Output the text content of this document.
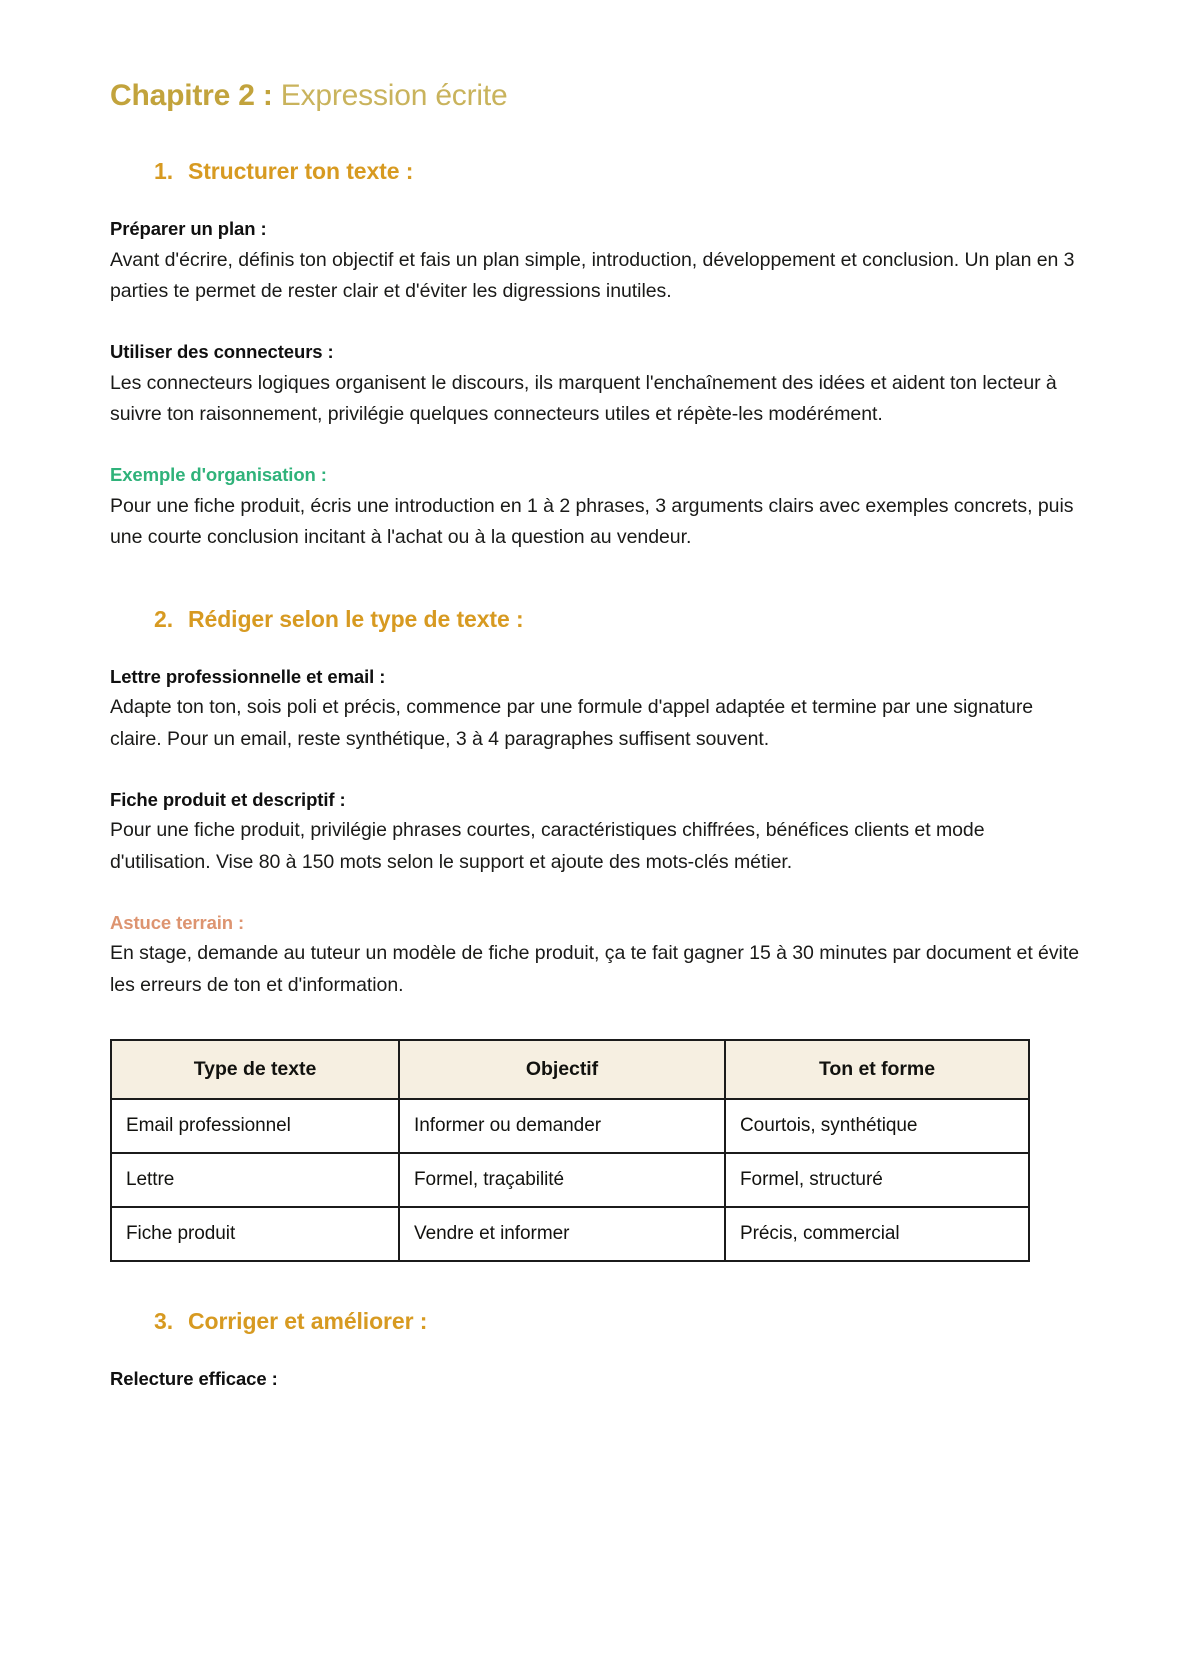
Chapitre 2 : Expression écrite
1. Structurer ton texte :
Préparer un plan :

Avant d'écrire, définis ton objectif et fais un plan simple, introduction, développement et conclusion. Un plan en 3 parties te permet de rester clair et d'éviter les digressions inutiles.

Utiliser des connecteurs :

Les connecteurs logiques organisent le discours, ils marquent l'enchaînement des idées et aident ton lecteur à suivre ton raisonnement, privilégie quelques connecteurs utiles et répète-les modérément.

Exemple d'organisation :

Pour une fiche produit, écris une introduction en 1 à 2 phrases, 3 arguments clairs avec exemples concrets, puis une courte conclusion incitant à l'achat ou à la question au vendeur.

2. Rédiger selon le type de texte :
Lettre professionnelle et email :

Adapte ton ton, sois poli et précis, commence par une formule d'appel adaptée et termine par une signature claire. Pour un email, reste synthétique, 3 à 4 paragraphes suffisent souvent.

Fiche produit et descriptif :

Pour une fiche produit, privilégie phrases courtes, caractéristiques chiffrées, bénéfices clients et mode d'utilisation. Vise 80 à 150 mots selon le support et ajoute des mots-clés métier.

Astuce terrain :

En stage, demande au tuteur un modèle de fiche produit, ça te fait gagner 15 à 30 minutes par document et évite les erreurs de ton et d'information.

Type de texte	Objectif	Ton et forme
Email professionnel	Informer ou demander	Courtois, synthétique
Lettre	Formel, traçabilité	Formel, structuré
Fiche produit	Vendre et informer	Précis, commercial
3. Corriger et améliorer :
Relecture efficace :
